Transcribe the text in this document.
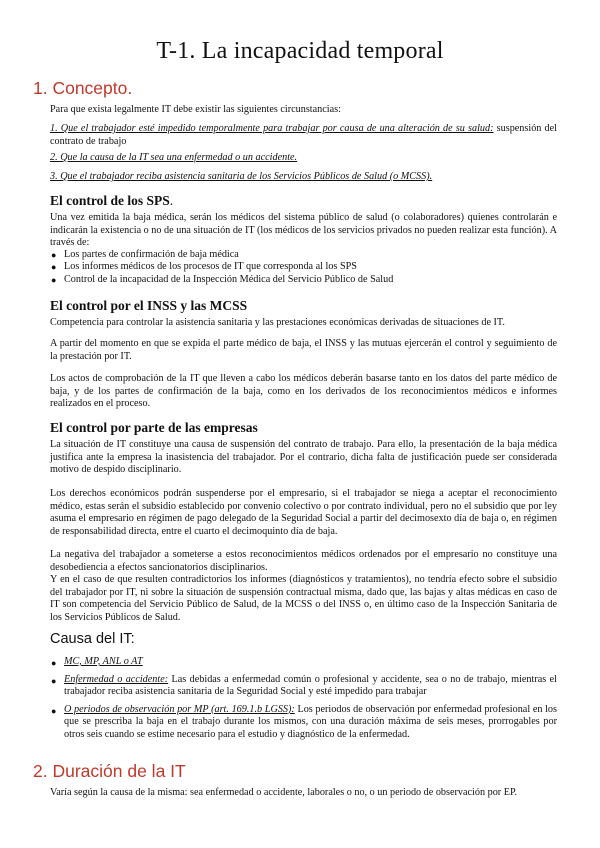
T-1. La incapacidad temporal
1. Concepto.

Para que exista legalmente IT debe existir las siguientes circunstancias:

1. Que el trabajador esté impedido temporalmente para trabajar por causa de una alteración de su salud: suspensión del contrato de trabajo

2. Que la causa de la IT sea una enfermedad o un accidente.

3. Que el trabajador reciba asistencia sanitaria de los Servicios Públicos de Salud (o MCSS).

El control de los SPS.

Una vez emitida la baja médica, serán los médicos del sistema público de salud (o colaboradores) quienes controlarán e indicarán la existencia o no de una situación de IT (los médicos de los servicios privados no pueden realizar esta función). A través de:

● Los partes de confirmación de baja médica
● Los informes médicos de los procesos de IT que corresponda al los SPS
● Control de la incapacidad de la Inspección Médica del Servicio Público de Salud
El control por el INSS y las MCSS

Competencia para controlar la asistencia sanitaria y las prestaciones económicas derivadas de situaciones de IT.

A partir del momento en que se expida el parte médico de baja, el INSS y las mutuas ejercerán el control y seguimiento de la prestación por IT.

Los actos de comprobación de la IT que lleven a cabo los médicos deberán basarse tanto en los datos del parte médico de baja, y de los partes de confirmación de la baja, como en los derivados de los reconocimientos médicos e informes realizados en el proceso.

El control por parte de las empresas

La situación de IT constituye una causa de suspensión del contrato de trabajo. Para ello, la presentación de la baja médica justifica ante la empresa la inasistencia del trabajador. Por el contrario, dicha falta de justificación puede ser considerada motivo de despido disciplinario.

Los derechos económicos podrán suspenderse por el empresario, si el trabajador se niega a aceptar el reconocimiento médico, estas serán el subsidio establecido por convenio colectivo o por contrato individual, pero no el subsidio que por ley asuma el empresario en régimen de pago delegado de la Seguridad Social a partir del decimosexto día de baja o, en régimen de responsabilidad directa, entre el cuarto el decimoquinto día de baja.

La negativa del trabajador a someterse a estos reconocimientos médicos ordenados por el empresario no constituye una desobediencia a efectos sancionatorios disciplinarios.

Y en el caso de que resulten contradictorios los informes (diagnósticos y tratamientos), no tendría efecto sobre el subsidio del trabajador por IT, ni sobre la situación de suspensión contractual misma, dado que, las bajas y altas médicas en caso de IT son competencia del Servicio Público de Salud, de la MCSS o del INSS o, en último caso de la Inspección Sanitaria de los Servicios Públicos de Salud.

Causa del IT:
● MC, MP, ANL o AT
● Enfermedad o accidente: Las debidas a enfermedad común o profesional y accidente, sea o no de trabajo, mientras el trabajador reciba asistencia sanitaria de la Seguridad Social y esté impedido para trabajar
● O periodos de observación por MP (art. 169.1.b LGSS): Los periodos de observación por enfermedad profesional en los que se prescriba la baja en el trabajo durante los mismos, con una duración máxima de seis meses, prorrogables por otros seis cuando se estime necesario para el estudio y diagnóstico de la enfermedad.
2. Duración de la IT

Varía según la causa de la misma: sea enfermedad o accidente, laborales o no, o un periodo de observación por EP.
